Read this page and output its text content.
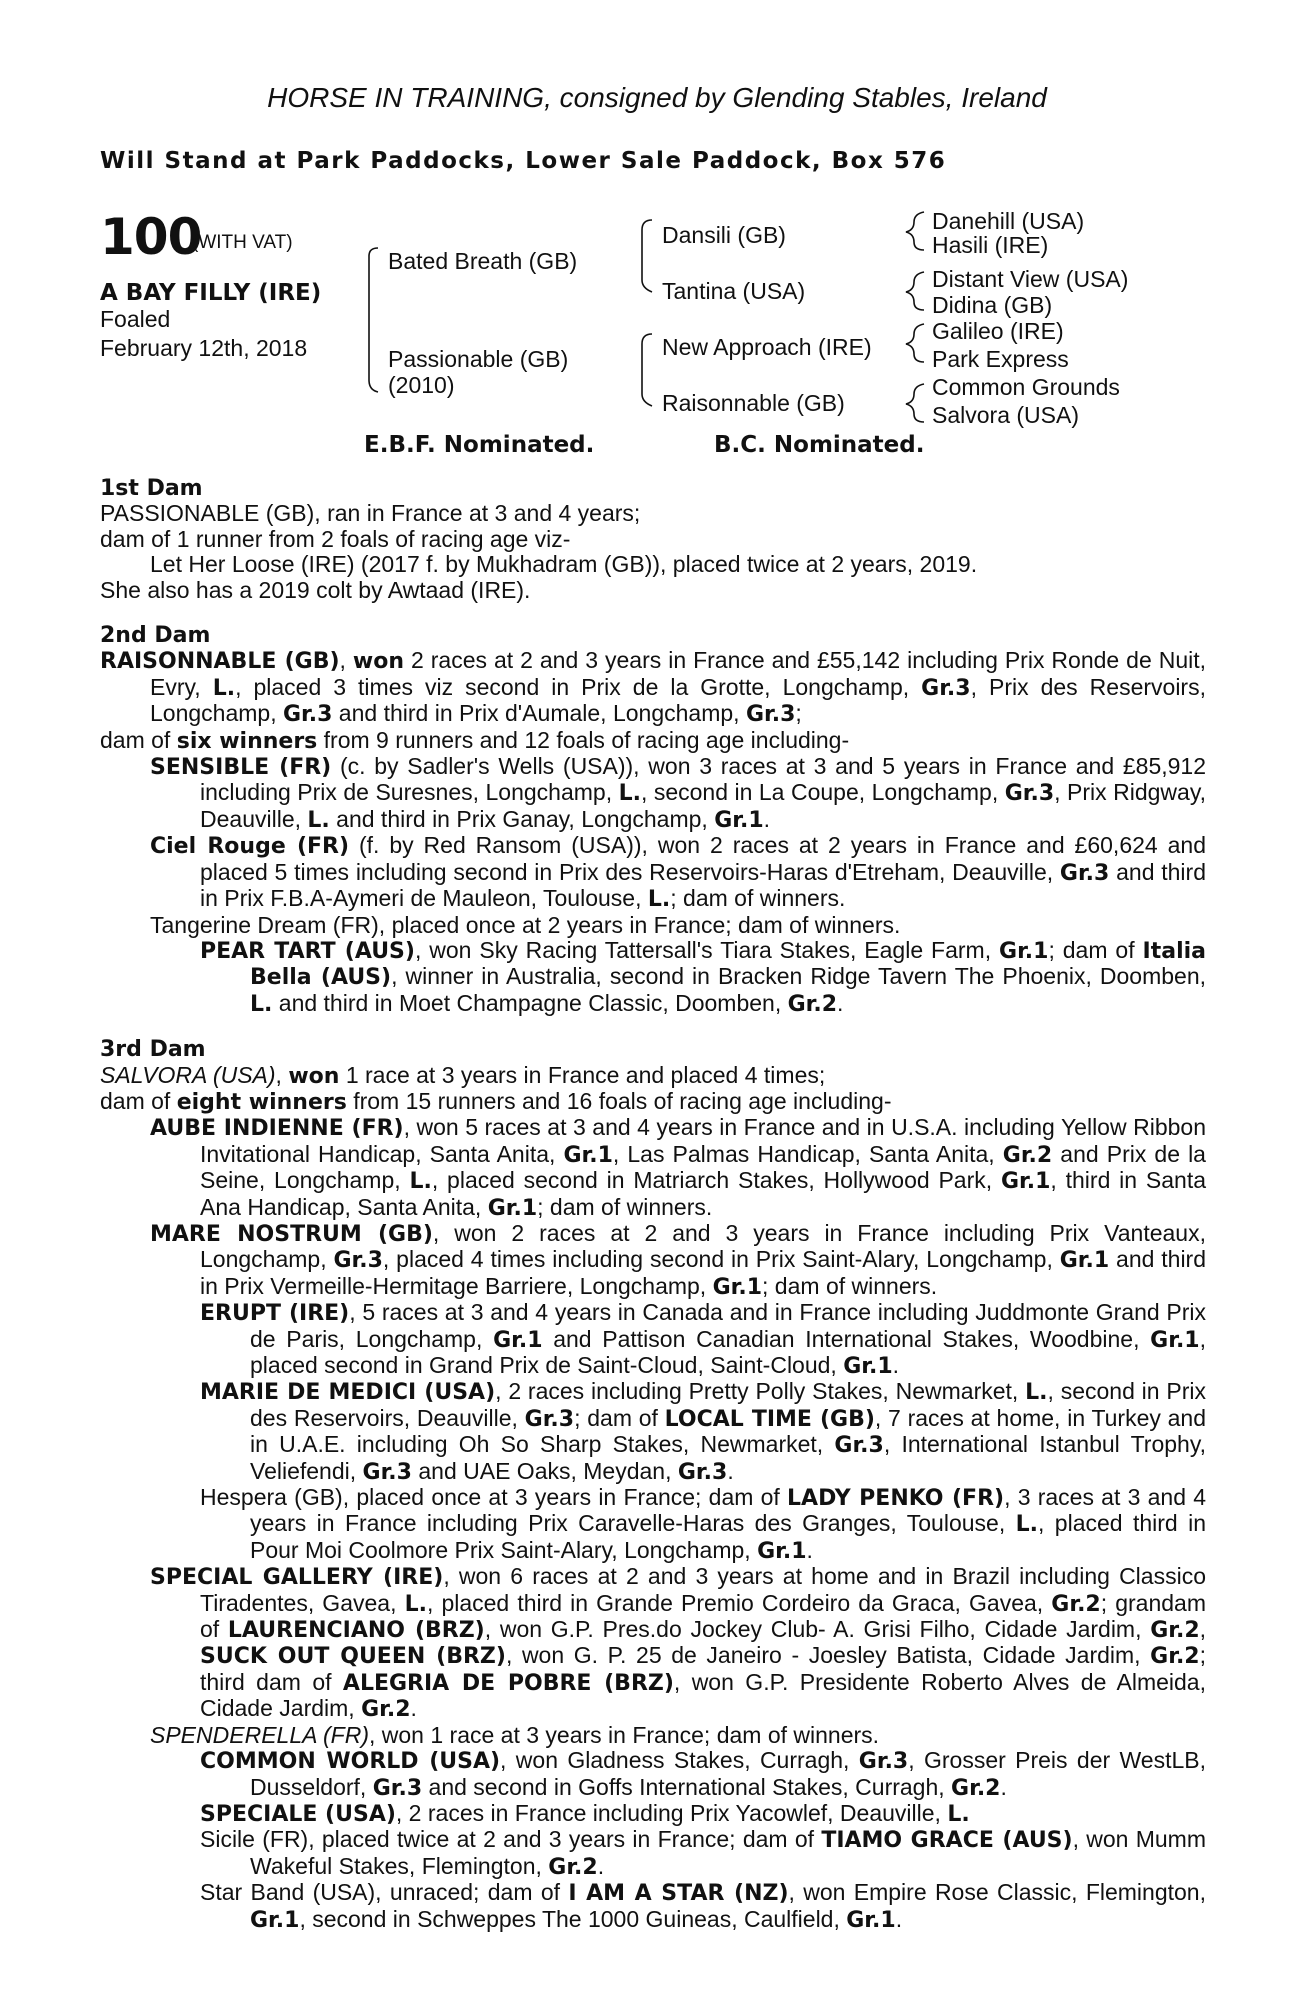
HORSE IN TRAINING, consigned by Glending Stables, Ireland
Will Stand at Park Paddocks, Lower Sale Paddock, Box 576
100
(WITH VAT)
A BAY FILLY (IRE)
Foaled
February 12th, 2018
Bated Breath (GB)
Passionable (GB)
(2010)
Dansili (GB)
Tantina (USA)
New Approach (IRE)
Raisonnable (GB)
Danehill (USA)
Hasili (IRE)
Distant View (USA)
Didina (GB)
Galileo (IRE)
Park Express
Common Grounds
Salvora (USA)
E.B.F. Nominated.	B.C. Nominated.
1st Dam
PASSIONABLE (GB), ran in France at 3 and 4 years;
dam of 1 runner from 2 foals of racing age viz-
Let Her Loose (IRE) (2017 f. by Mukhadram (GB)), placed twice at 2 years, 2019.
She also has a 2019 colt by Awtaad (IRE).
2nd Dam
RAISONNABLE (GB), won 2 races at 2 and 3 years in France and £55,142 including Prix Ronde de Nuit, Evry, L., placed 3 times viz second in Prix de la Grotte, Longchamp, Gr.3, Prix des Reservoirs, Longchamp, Gr.3 and third in Prix d'Aumale, Longchamp, Gr.3;
dam of six winners from 9 runners and 12 foals of racing age including-
SENSIBLE (FR) (c. by Sadler's Wells (USA)), won 3 races at 3 and 5 years in France and £85,912 including Prix de Suresnes, Longchamp, L., second in La Coupe, Longchamp, Gr.3, Prix Ridgway, Deauville, L. and third in Prix Ganay, Longchamp, Gr.1.
Ciel Rouge (FR) (f. by Red Ransom (USA)), won 2 races at 2 years in France and £60,624 and placed 5 times including second in Prix des Reservoirs-Haras d'Etreham, Deauville, Gr.3 and third in Prix F.B.A-Aymeri de Mauleon, Toulouse, L.; dam of winners.
Tangerine Dream (FR), placed once at 2 years in France; dam of winners.
PEAR TART (AUS), won Sky Racing Tattersall's Tiara Stakes, Eagle Farm, Gr.1; dam of Italia Bella (AUS), winner in Australia, second in Bracken Ridge Tavern The Phoenix, Doomben, L. and third in Moet Champagne Classic, Doomben, Gr.2.
3rd Dam
SALVORA (USA), won 1 race at 3 years in France and placed 4 times;
dam of eight winners from 15 runners and 16 foals of racing age including-
AUBE INDIENNE (FR), won 5 races at 3 and 4 years in France and in U.S.A. including Yellow Ribbon Invitational Handicap, Santa Anita, Gr.1, Las Palmas Handicap, Santa Anita, Gr.2 and Prix de la Seine, Longchamp, L., placed second in Matriarch Stakes, Hollywood Park, Gr.1, third in Santa Ana Handicap, Santa Anita, Gr.1; dam of winners.
MARE NOSTRUM (GB), won 2 races at 2 and 3 years in France including Prix Vanteaux, Longchamp, Gr.3, placed 4 times including second in Prix Saint-Alary, Longchamp, Gr.1 and third in Prix Vermeille-Hermitage Barriere, Longchamp, Gr.1; dam of winners.
ERUPT (IRE), 5 races at 3 and 4 years in Canada and in France including Juddmonte Grand Prix de Paris, Longchamp, Gr.1 and Pattison Canadian International Stakes, Woodbine, Gr.1, placed second in Grand Prix de Saint-Cloud, Saint-Cloud, Gr.1.
MARIE DE MEDICI (USA), 2 races including Pretty Polly Stakes, Newmarket, L., second in Prix des Reservoirs, Deauville, Gr.3; dam of LOCAL TIME (GB), 7 races at home, in Turkey and in U.A.E. including Oh So Sharp Stakes, Newmarket, Gr.3, International Istanbul Trophy, Veliefendi, Gr.3 and UAE Oaks, Meydan, Gr.3.
Hespera (GB), placed once at 3 years in France; dam of LADY PENKO (FR), 3 races at 3 and 4 years in France including Prix Caravelle-Haras des Granges, Toulouse, L., placed third in Pour Moi Coolmore Prix Saint-Alary, Longchamp, Gr.1.
SPECIAL GALLERY (IRE), won 6 races at 2 and 3 years at home and in Brazil including Classico Tiradentes, Gavea, L., placed third in Grande Premio Cordeiro da Graca, Gavea, Gr.2; grandam of LAURENCIANO (BRZ), won G.P. Pres.do Jockey Club- A. Grisi Filho, Cidade Jardim, Gr.2, SUCK OUT QUEEN (BRZ), won G. P. 25 de Janeiro - Joesley Batista, Cidade Jardim, Gr.2; third dam of ALEGRIA DE POBRE (BRZ), won G.P. Presidente Roberto Alves de Almeida, Cidade Jardim, Gr.2.
SPENDERELLA (FR), won 1 race at 3 years in France; dam of winners.
COMMON WORLD (USA), won Gladness Stakes, Curragh, Gr.3, Grosser Preis der WestLB, Dusseldorf, Gr.3 and second in Goffs International Stakes, Curragh, Gr.2.
SPECIALE (USA), 2 races in France including Prix Yacowlef, Deauville, L.
Sicile (FR), placed twice at 2 and 3 years in France; dam of TIAMO GRACE (AUS), won Mumm Wakeful Stakes, Flemington, Gr.2.
Star Band (USA), unraced; dam of I AM A STAR (NZ), won Empire Rose Classic, Flemington, Gr.1, second in Schweppes The 1000 Guineas, Caulfield, Gr.1.
